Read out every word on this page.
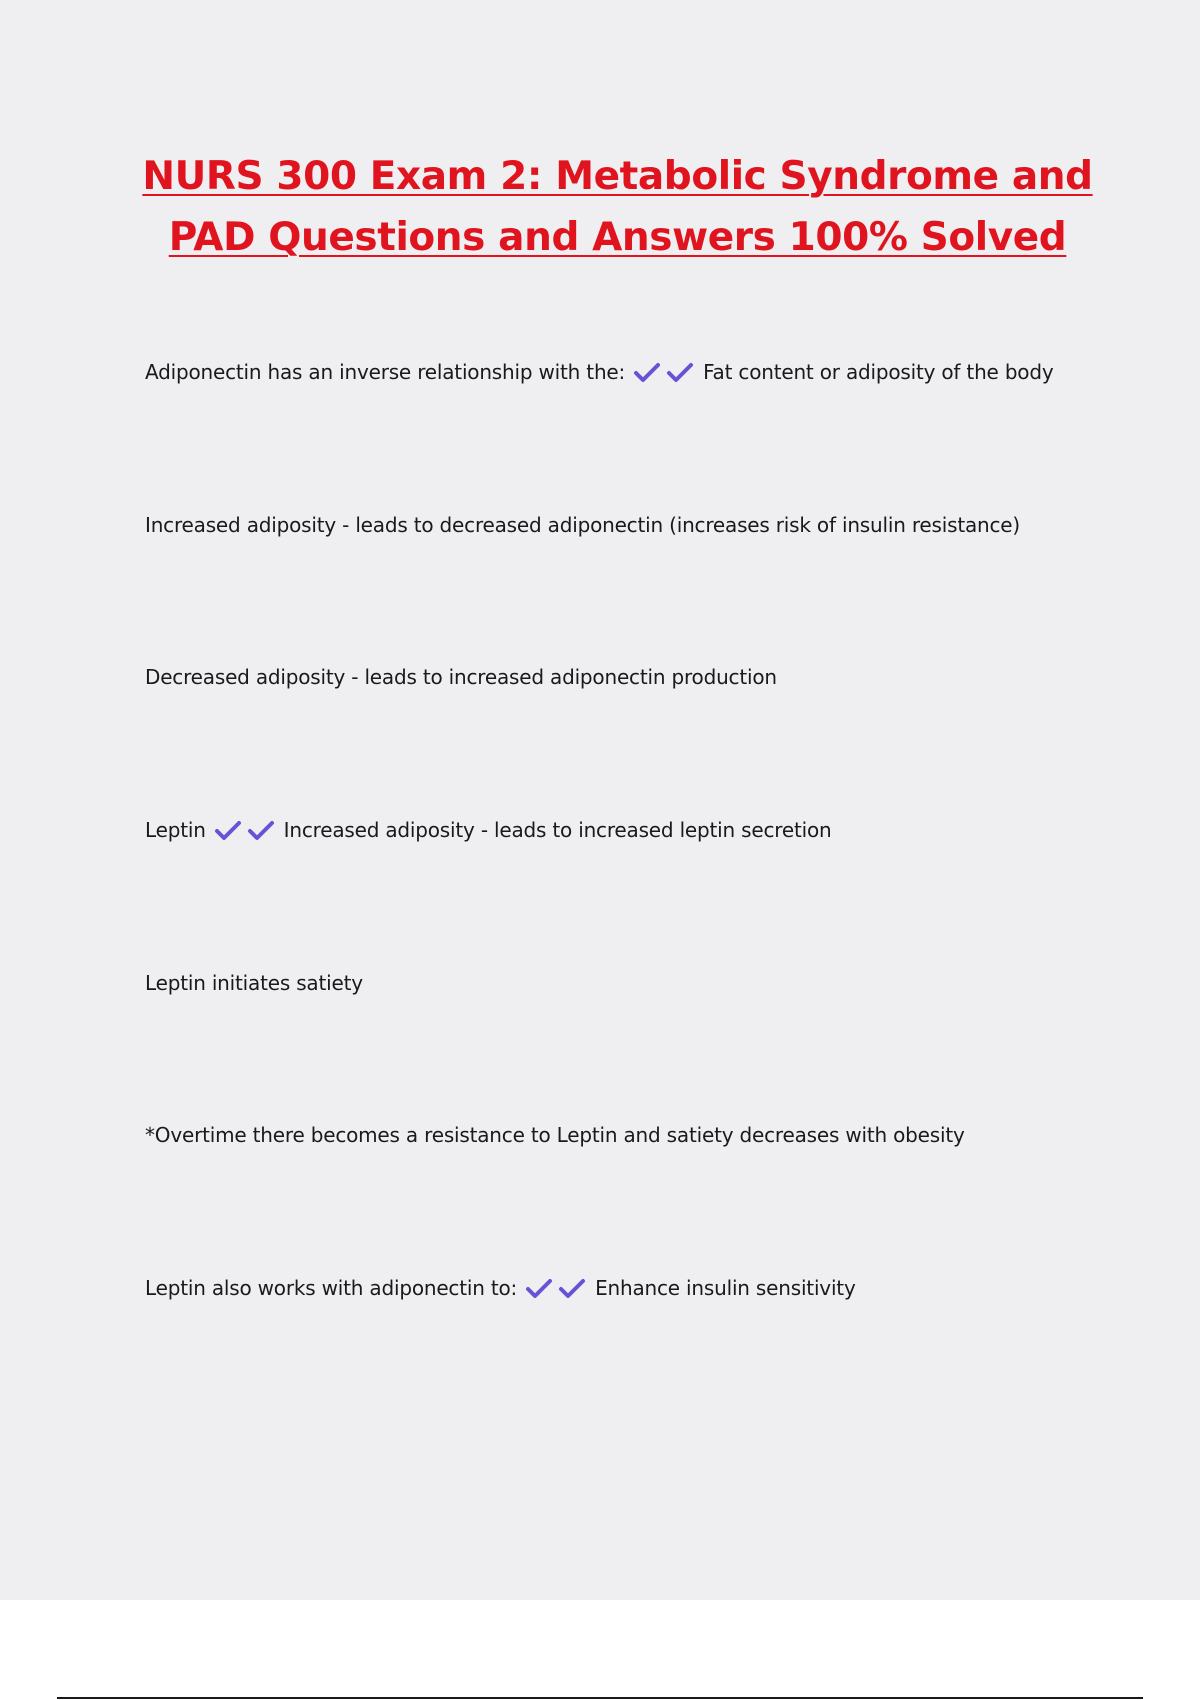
NURS 300 Exam 2: Metabolic Syndrome and
PAD Questions and Answers 100% Solved

Adiponectin has an inverse relationship with the:	Fat content or adiposity of the body

Increased adiposity - leads to decreased adiponectin (increases risk of insulin resistance)

Decreased adiposity - leads to increased adiponectin production

Leptin	Increased adiposity - leads to increased leptin secretion

Leptin initiates satiety

*Overtime there becomes a resistance to Leptin and satiety decreases with obesity

Leptin also works with adiponectin to:	Enhance insulin sensitivity
